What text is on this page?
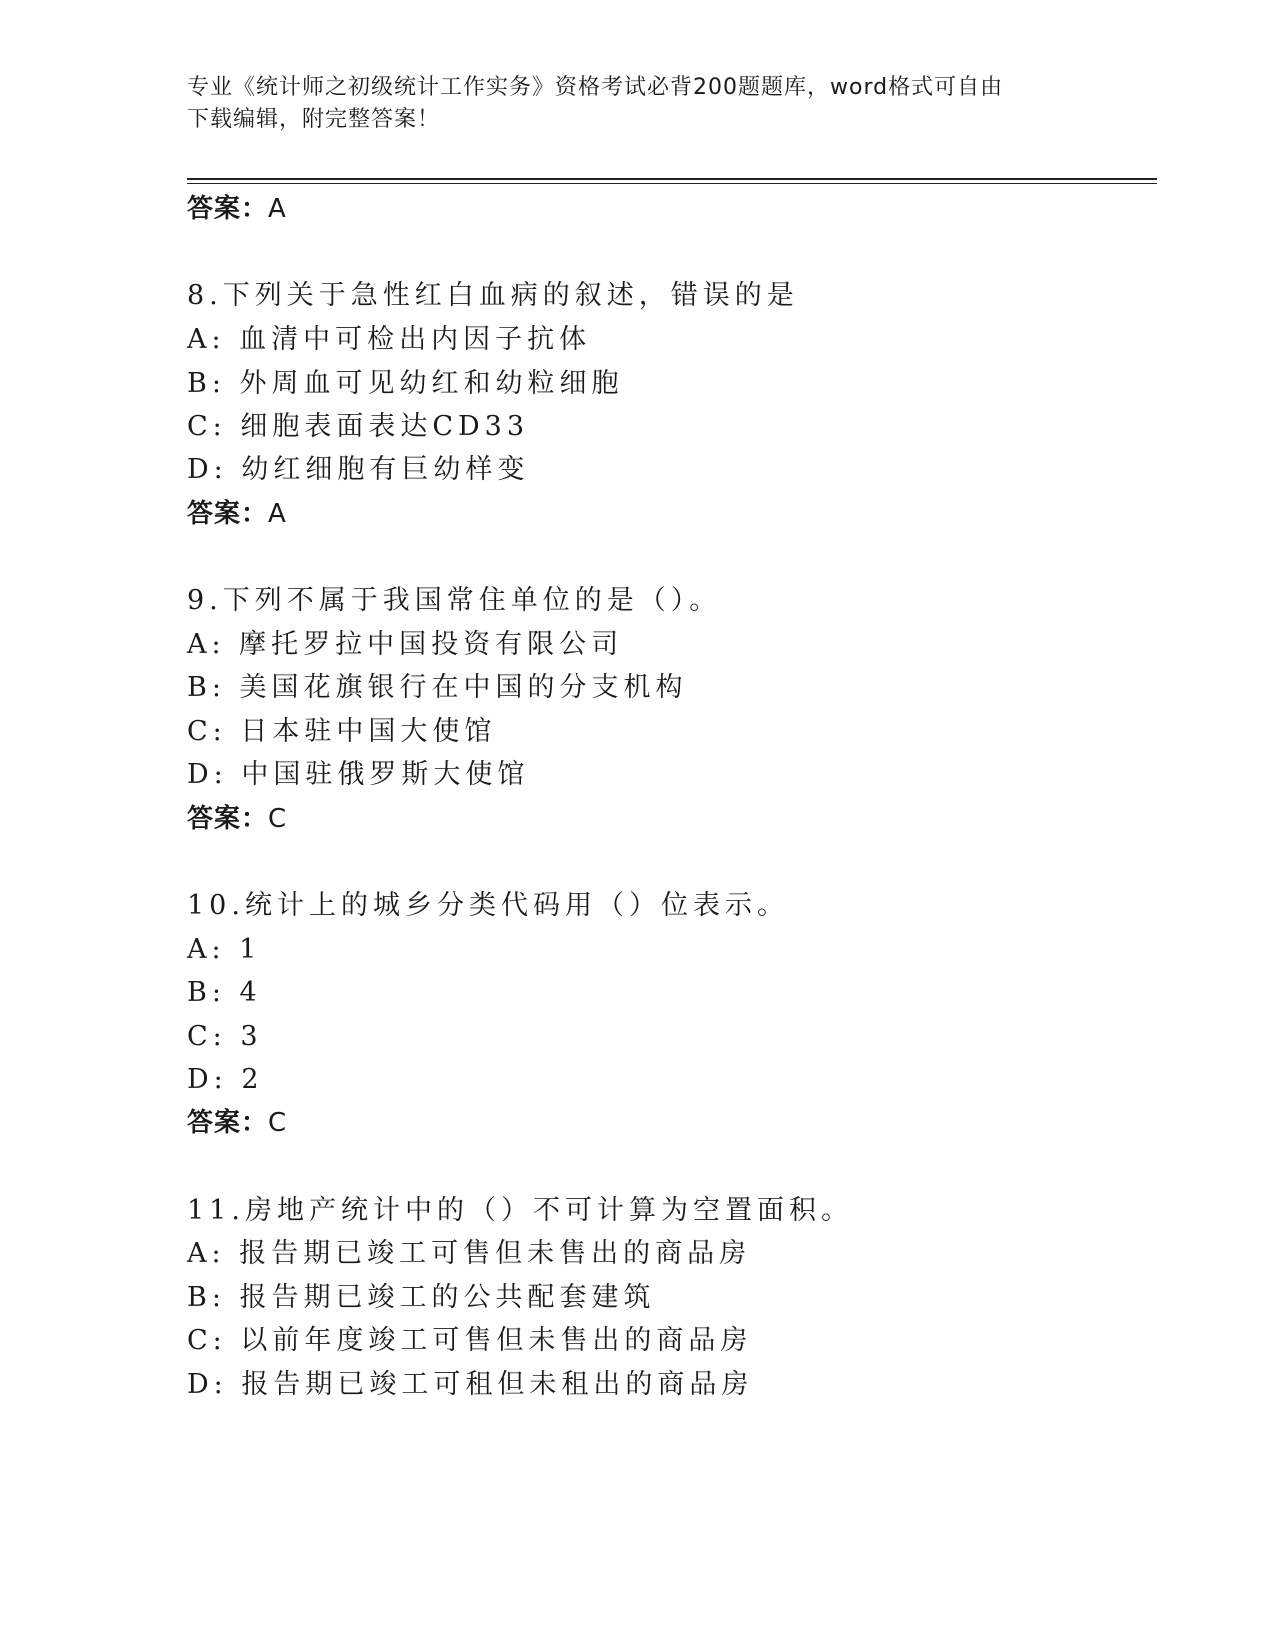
专业《统计师之初级统计工作实务》资格考试必背200题题库，word格式可自由
下载编辑，附完整答案！
答案：A
8.下列关于急性红白血病的叙述，错误的是
A: 血清中可检出内因子抗体
B: 外周血可见幼红和幼粒细胞
C: 细胞表面表达CD33
D: 幼红细胞有巨幼样变
答案：A
9.下列不属于我国常住单位的是（）。
A: 摩托罗拉中国投资有限公司
B: 美国花旗银行在中国的分支机构
C: 日本驻中国大使馆
D: 中国驻俄罗斯大使馆
答案：C
10.统计上的城乡分类代码用（）位表示。
A: 1
B: 4
C: 3
D: 2
答案：C
11.房地产统计中的（）不可计算为空置面积。
A: 报告期已竣工可售但未售出的商品房
B: 报告期已竣工的公共配套建筑
C: 以前年度竣工可售但未售出的商品房
D: 报告期已竣工可租但未租出的商品房
